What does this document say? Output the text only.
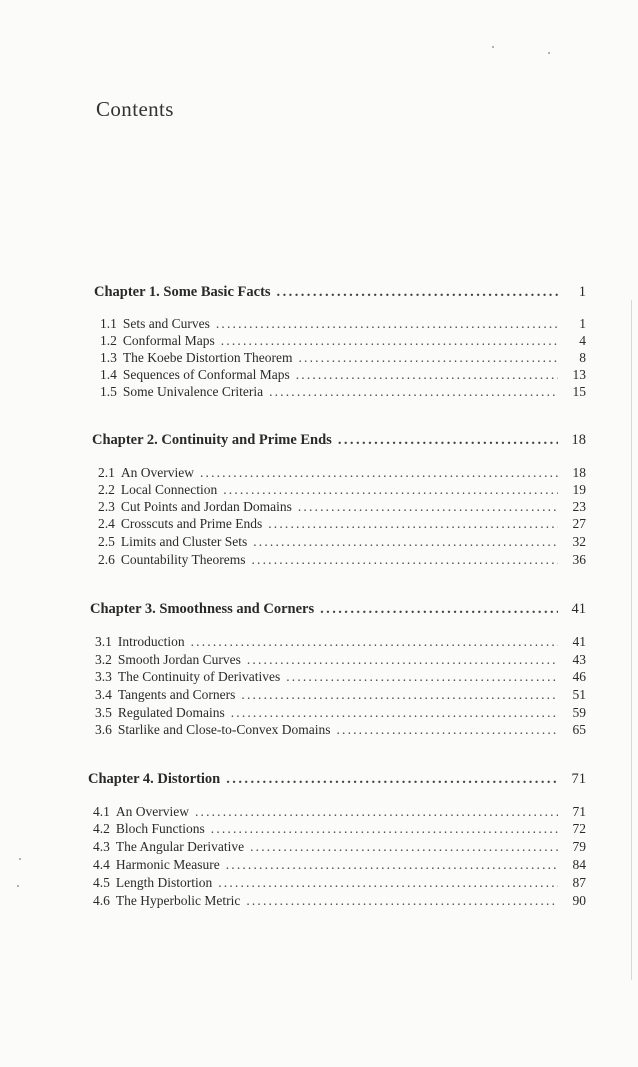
Contents
Chapter 1. Some Basic Facts . . .	1
1.1 Sets and Curves . . .	1
1.2 Conformal Maps . . .	4
1.3 The Koebe Distortion Theorem . . .	8
1.4 Sequences of Conformal Maps . . .	13
1.5 Some Univalence Criteria . . .	15
Chapter 2. Continuity and Prime Ends . . .	18
2.1 An Overview . . .	18
2.2 Local Connection . . .	19
2.3 Cut Points and Jordan Domains . . .	23
2.4 Crosscuts and Prime Ends . . .	27
2.5 Limits and Cluster Sets . . .	32
2.6 Countability Theorems . . .	36
Chapter 3. Smoothness and Corners . . .	41
3.1 Introduction . . .	41
3.2 Smooth Jordan Curves . . .	43
3.3 The Continuity of Derivatives . . .	46
3.4 Tangents and Corners . . .	51
3.5 Regulated Domains . . .	59
3.6 Starlike and Close-to-Convex Domains . . .	65
Chapter 4. Distortion . . .	71
4.1 An Overview . . .	71
4.2 Bloch Functions . . .	72
4.3 The Angular Derivative . . .	79
4.4 Harmonic Measure . . .	84
4.5 Length Distortion . . .	87
4.6 The Hyperbolic Metric . . .	90
